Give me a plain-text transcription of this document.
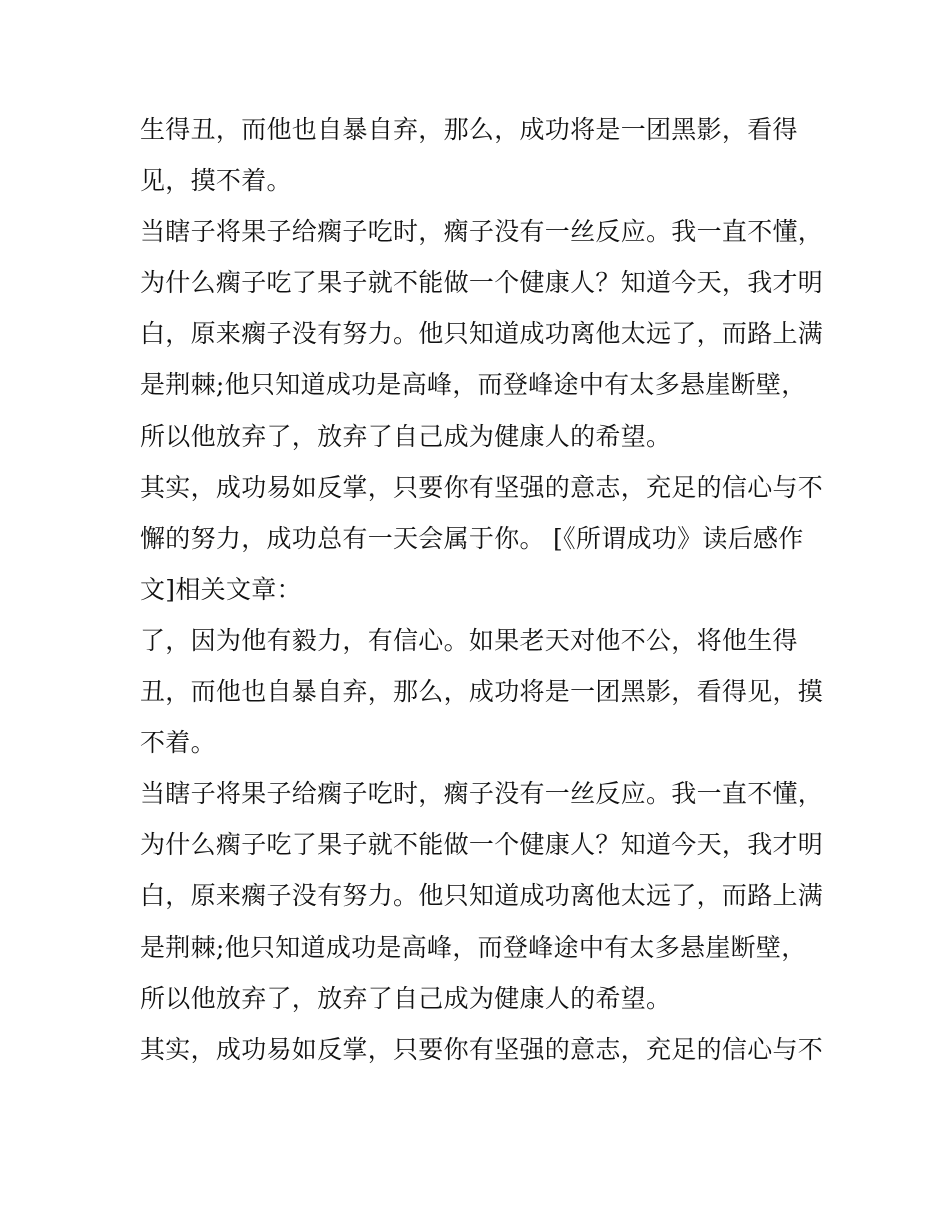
生得丑，而他也自暴自弃，那么，成功将是一团黑影，看得
见，摸不着。
当瞎子将果子给瘸子吃时，瘸子没有一丝反应。我一直不懂，
为什么瘸子吃了果子就不能做一个健康人？知道今天，我才明
白，原来瘸子没有努力。他只知道成功离他太远了，而路上满
是荆棘;他只知道成功是高峰，而登峰途中有太多悬崖断壁，
所以他放弃了，放弃了自己成为健康人的希望。
其实，成功易如反掌，只要你有坚强的意志，充足的信心与不
懈的努力，成功总有一天会属于你。 [《所谓成功》读后感作
文]相关文章：
了，因为他有毅力，有信心。如果老天对他不公，将他生得
丑，而他也自暴自弃，那么，成功将是一团黑影，看得见，摸
不着。
当瞎子将果子给瘸子吃时，瘸子没有一丝反应。我一直不懂，
为什么瘸子吃了果子就不能做一个健康人？知道今天，我才明
白，原来瘸子没有努力。他只知道成功离他太远了，而路上满
是荆棘;他只知道成功是高峰，而登峰途中有太多悬崖断壁，
所以他放弃了，放弃了自己成为健康人的希望。
其实，成功易如反掌，只要你有坚强的意志，充足的信心与不
